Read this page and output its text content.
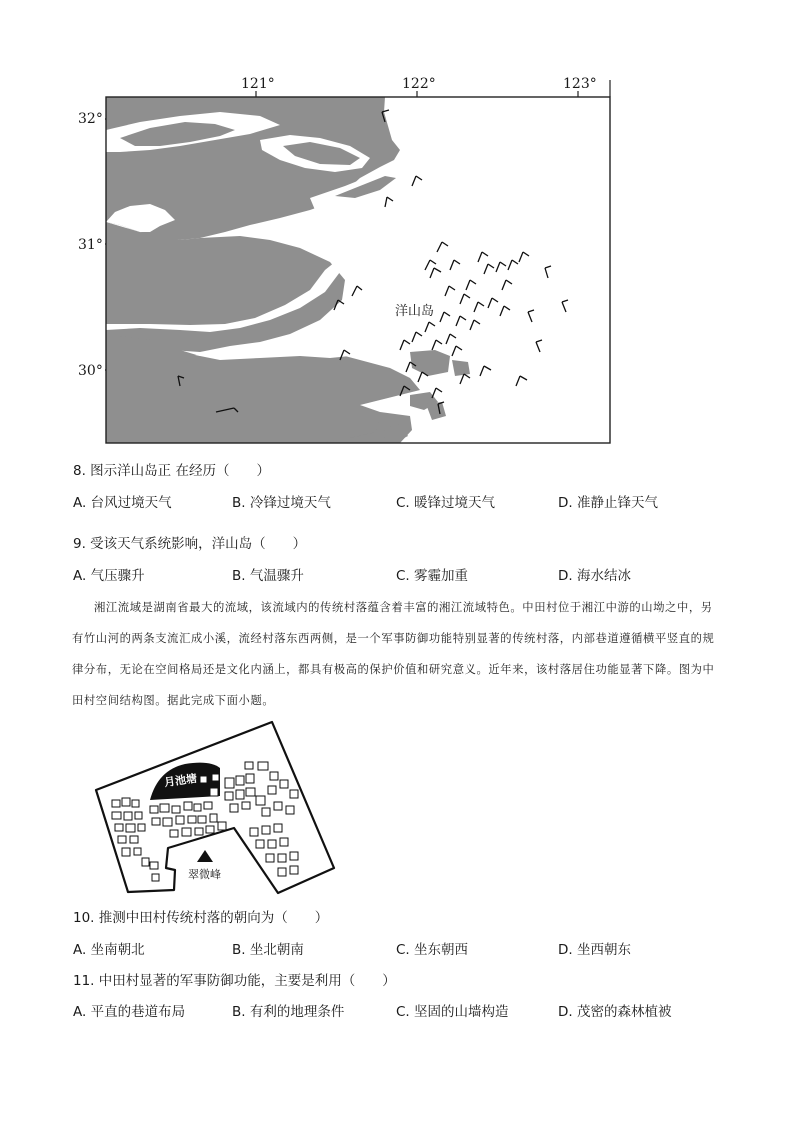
121°	122°	123°
32°
31°
30°
洋山岛
8. 图示洋山岛正 在经历（　　）
A. 台风过境天气	B. 冷锋过境天气	C. 暖锋过境天气	D. 准静止锋天气
9. 受该天气系统影响，洋山岛（　　）
A. 气压骤升	B. 气温骤升	C. 雾霾加重	D. 海水结冰
湘江流域是湖南省最大的流域，该流域内的传统村落蕴含着丰富的湘江流域特色。中田村位于湘江中游的山坳之中，另有竹山河的两条支流汇成小溪，流经村落东西两侧，是一个军事防御功能特别显著的传统村落，内部巷道遵循横平竖直的规律分布，无论在空间格局还是文化内涵上，都具有极高的保护价值和研究意义。近年来，该村落居住功能显著下降。图为中田村空间结构图。据此完成下面小题。
月池塘
翠微峰
10. 推测中田村传统村落的朝向为（　　）
A. 坐南朝北	B. 坐北朝南	C. 坐东朝西	D. 坐西朝东
11. 中田村显著的军事防御功能，主要是利用（　　）
A. 平直的巷道布局	B. 有利的地理条件	C. 坚固的山墙构造	D. 茂密的森林植被
